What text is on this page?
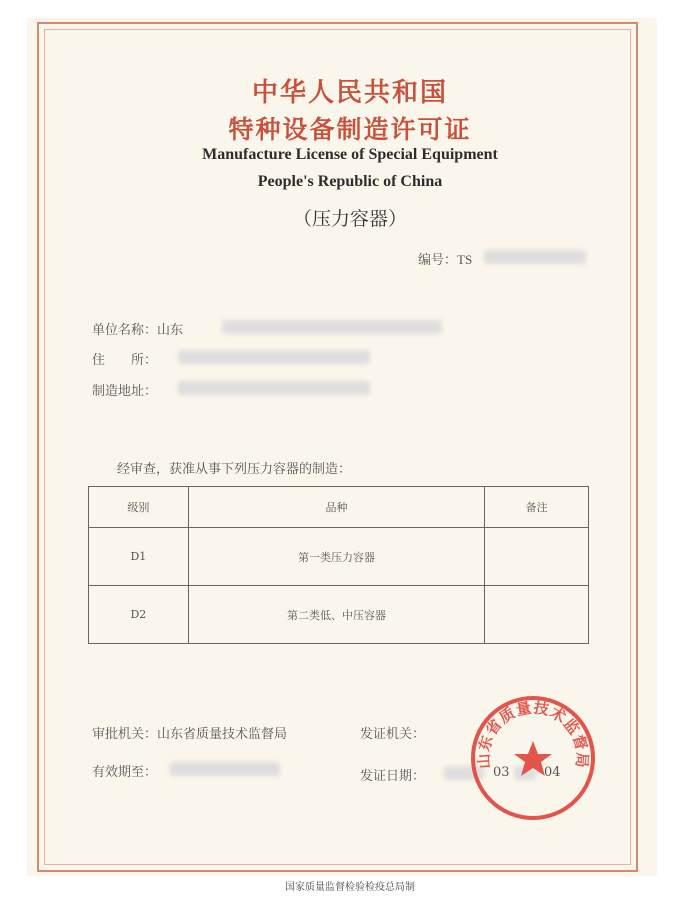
中华人民共和国
特种设备制造许可证
Manufacture License of Special Equipment
People's Republic of China
（压力容器）
编号：TS
单位名称：山东
住　　所：
制造地址：
经审查，获准从事下列压力容器的制造：
级别	品种	备注
D1	第一类压力容器	
D2	第二类低、中压容器	
审批机关：山东省质量技术监督局	发证机关：
有效期至：	发证日期：	03	04
山东省质量技术监督局
国家质量监督检验检疫总局制
